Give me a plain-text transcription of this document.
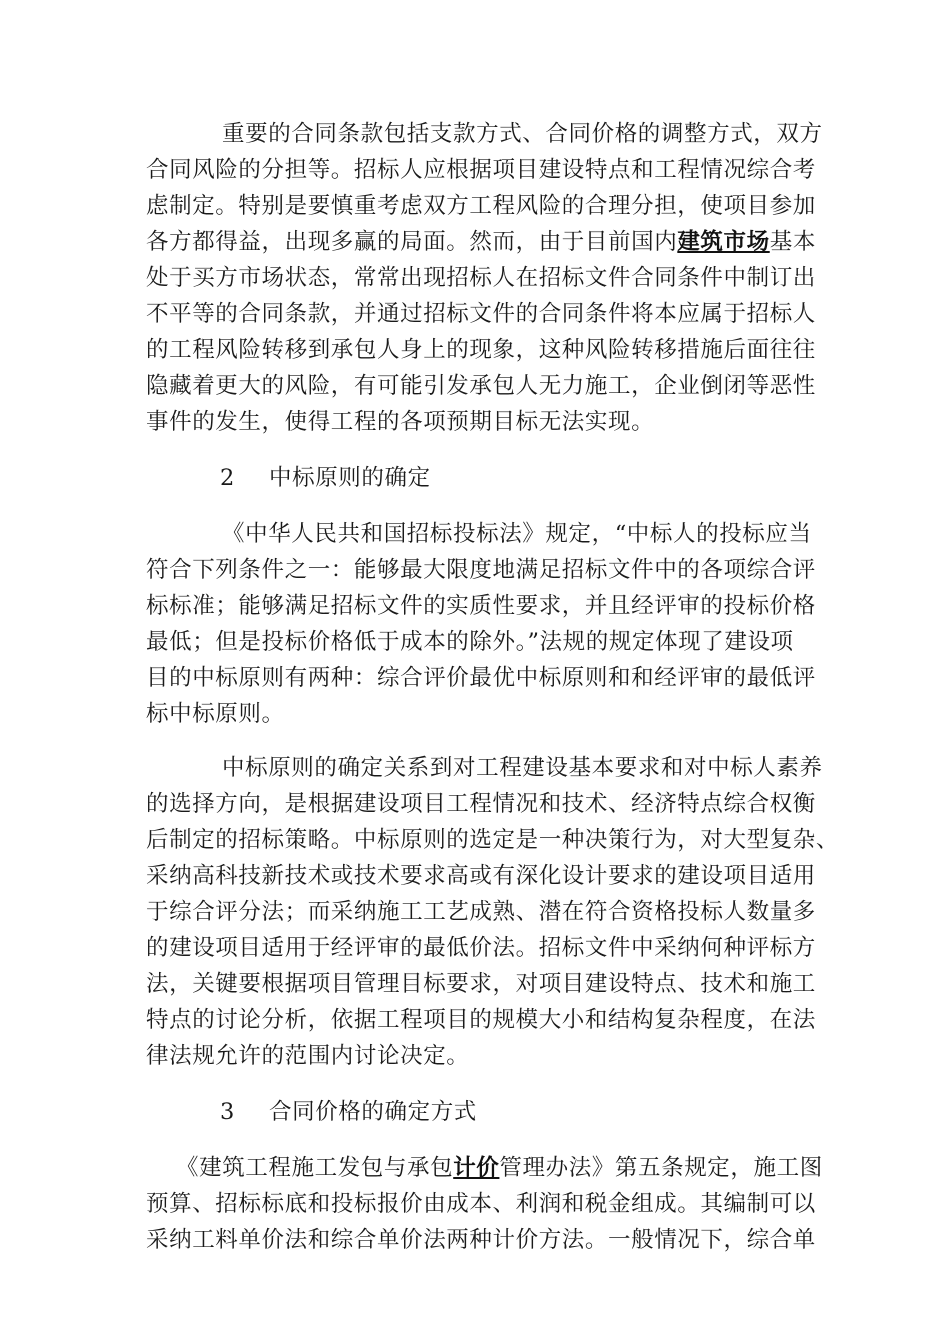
重要的合同条款包括支款方式、合同价格的调整方式，双方
合同风险的分担等。招标人应根据项目建设特点和工程情况综合考
虑制定。特别是要慎重考虑双方工程风险的合理分担，使项目参加
各方都得益，出现多赢的局面。然而，由于目前国内建筑市场基本
处于买方市场状态，常常出现招标人在招标文件合同条件中制订出
不平等的合同条款，并通过招标文件的合同条件将本应属于招标人
的工程风险转移到承包人身上的现象，这种风险转移措施后面往往
隐藏着更大的风险，有可能引发承包人无力施工，企业倒闭等恶性
事件的发生，使得工程的各项预期目标无法实现。
2 中标原则的确定
《中华人民共和国招标投标法》规定，“中标人的投标应当
符合下列条件之一：能够最大限度地满足招标文件中的各项综合评
标标准；能够满足招标文件的实质性要求，并且经评审的投标价格
最低；但是投标价格低于成本的除外。”法规的规定体现了建设项
目的中标原则有两种：综合评价最优中标原则和和经评审的最低评
标中标原则。
中标原则的确定关系到对工程建设基本要求和对中标人素养
的选择方向，是根据建设项目工程情况和技术、经济特点综合权衡
后制定的招标策略。中标原则的选定是一种决策行为，对大型复杂、
采纳高科技新技术或技术要求高或有深化设计要求的建设项目适用
于综合评分法；而采纳施工工艺成熟、潜在符合资格投标人数量多
的建设项目适用于经评审的最低价法。招标文件中采纳何种评标方
法，关键要根据项目管理目标要求，对项目建设特点、技术和施工
特点的讨论分析，依据工程项目的规模大小和结构复杂程度，在法
律法规允许的范围内讨论决定。
3 合同价格的确定方式
《建筑工程施工发包与承包计价管理办法》第五条规定，施工图
预算、招标标底和投标报价由成本、利润和税金组成。其编制可以
采纳工料单价法和综合单价法两种计价方法。一般情况下，综合单
